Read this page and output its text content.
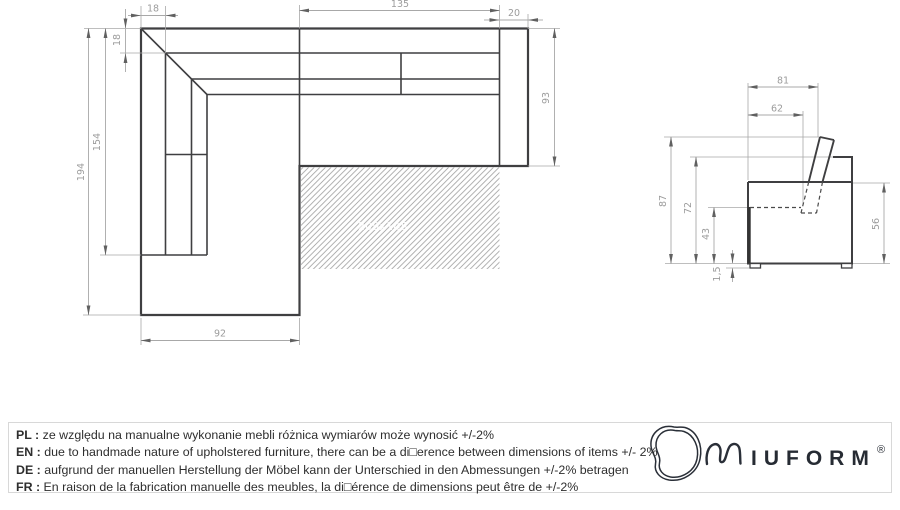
209x145
18
18
154
194
92
135
20
93
81
62
87
72
43
1,5
56
PL : ze względu na manualne wykonanie mebli różnica wymiarów może wynosić +/-2%
EN : due to handmade nature of upholstered furniture, there can be a di□erence between dimensions of items +/- 2%
DE : aufgrund der manuellen Herstellung der Möbel kann der Unterschied in den Abmessungen +/-2% betragen
FR : En raison de la fabrication manuelle des meubles, la di□érence de dimensions peut être de +/-2%
IUFORM ®
